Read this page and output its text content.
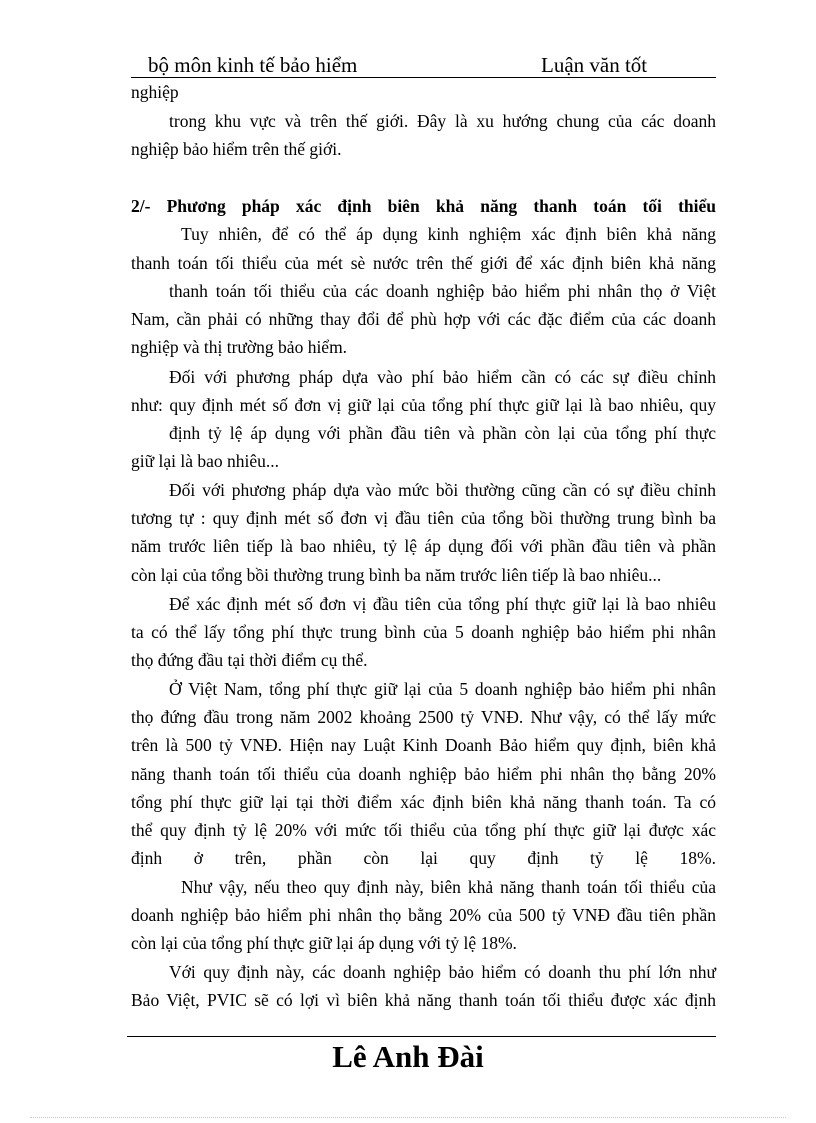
bộ môn kinh tế bảo hiểm	Luận văn tốt
nghiệp
trong khu vực và trên thế giới. Đây là xu hướng chung của các doanh
nghiệp bảo hiểm trên thế giới.
2/- Phương pháp xác định biên khả năng thanh toán tối thiểu
Tuy nhiên, để có thể áp dụng kinh nghiệm xác định biên khả năng
thanh toán tối thiểu của mét sè nước trên thế giới để xác định biên khả năng
thanh toán tối thiểu của các doanh nghiệp bảo hiểm phi nhân thọ ở Việt
Nam, cần phải có những thay đổi để phù hợp với các đặc điểm của các doanh
nghiệp và thị trường bảo hiểm.
Đối với phương pháp dựa vào phí bảo hiểm cần có các sự điều chỉnh
như: quy định mét số đơn vị giữ lại của tổng phí thực giữ lại là bao nhiêu, quy
định tỷ lệ áp dụng với phần đầu tiên và phần còn lại của tổng phí thực
giữ lại là bao nhiêu...
Đối với phương pháp dựa vào mức bồi thường cũng cần có sự điều chỉnh
tương tự : quy định mét số đơn vị đầu tiên của tổng bồi thường trung bình ba
năm trước liên tiếp là bao nhiêu, tỷ lệ áp dụng đối với phần đầu tiên và phần
còn lại của tổng bồi thường trung bình ba năm trước liên tiếp là bao nhiêu...
Để xác định mét số đơn vị đầu tiên của tổng phí thực giữ lại là bao nhiêu
ta có thể lấy tổng phí thực trung bình của 5 doanh nghiệp bảo hiểm phi nhân
thọ đứng đầu tại thời điểm cụ thể.
Ở Việt Nam, tổng phí thực giữ lại của 5 doanh nghiệp bảo hiểm phi nhân
thọ đứng đầu trong năm 2002 khoảng 2500 tỷ VNĐ. Như vậy, có thể lấy mức
trên là 500 tỷ VNĐ. Hiện nay Luật Kinh Doanh Bảo hiểm quy định, biên khả
năng thanh toán tối thiểu của doanh nghiệp bảo hiểm phi nhân thọ bằng 20%
tổng phí thực giữ lại tại thời điểm xác định biên khả năng thanh toán. Ta có
thể quy định tỷ lệ 20% với mức tối thiểu của tổng phí thực giữ lại được xác
định ở trên, phần còn lại quy định tỷ lệ 18%.
Như vậy, nếu theo quy định này, biên khả năng thanh toán tối thiểu của
doanh nghiệp bảo hiểm phi nhân thọ bằng 20% của 500 tỷ VNĐ đầu tiên phần
còn lại của tổng phí thực giữ lại áp dụng với tỷ lệ 18%.
Với quy định này, các doanh nghiệp bảo hiểm có doanh thu phí lớn như
Bảo Việt, PVIC sẽ có lợi vì biên khả năng thanh toán tối thiểu được xác định
Lê Anh Đài
